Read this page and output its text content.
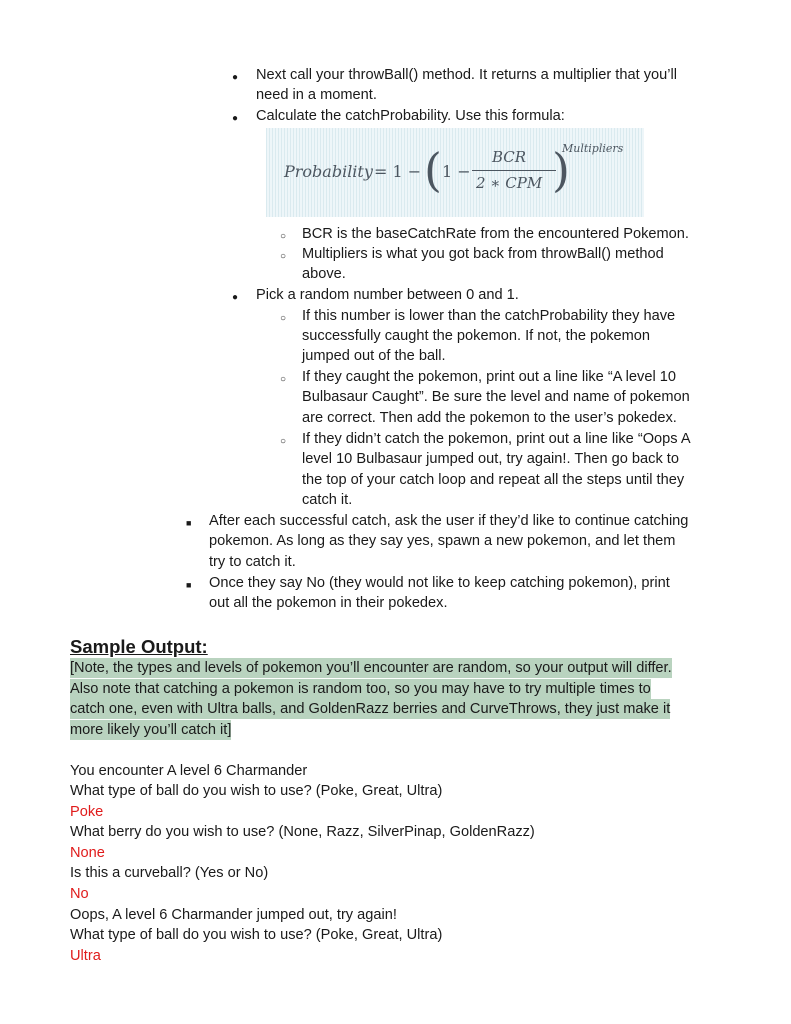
●
Next call your throwBall() method. It returns a multiplier that you’ll
need in a moment.
●
Calculate the catchProbability. Use this formula:
Probability = 1 − ( 1 −
BCR
2 ∗ CPM )
Multipliers
○
BCR is the baseCatchRate from the encountered Pokemon.
○
Multipliers is what you got back from throwBall() method
above.
●
Pick a random number between 0 and 1.
○
If this number is lower than the catchProbability they have
successfully caught the pokemon. If not, the pokemon
jumped out of the ball.
○
If they caught the pokemon, print out a line like “A level 10
Bulbasaur Caught”. Be sure the level and name of pokemon
are correct. Then add the pokemon to the user’s pokedex.
○
If they didn’t catch the pokemon, print out a line like “Oops A
level 10 Bulbasaur jumped out, try again!. Then go back to
the top of your catch loop and repeat all the steps until they
catch it.
■
After each successful catch, ask the user if they’d like to continue catching
pokemon. As long as they say yes, spawn a new pokemon, and let them
try to catch it.
■
Once they say No (they would not like to keep catching pokemon), print
out all the pokemon in their pokedex.
Sample Output:
[Note, the types and levels of pokemon you’ll encounter are random, so your output will differ.
Also note that catching a pokemon is random too, so you may have to try multiple times to
catch one, even with Ultra balls, and GoldenRazz berries and CurveThrows, they just make it
more likely you’ll catch it]
You encounter A level 6 Charmander
What type of ball do you wish to use? (Poke, Great, Ultra)
Poke
What berry do you wish to use? (None, Razz, SilverPinap, GoldenRazz)
None
Is this a curveball? (Yes or No)
No
Oops, A level 6 Charmander jumped out, try again!
What type of ball do you wish to use? (Poke, Great, Ultra)
Ultra
